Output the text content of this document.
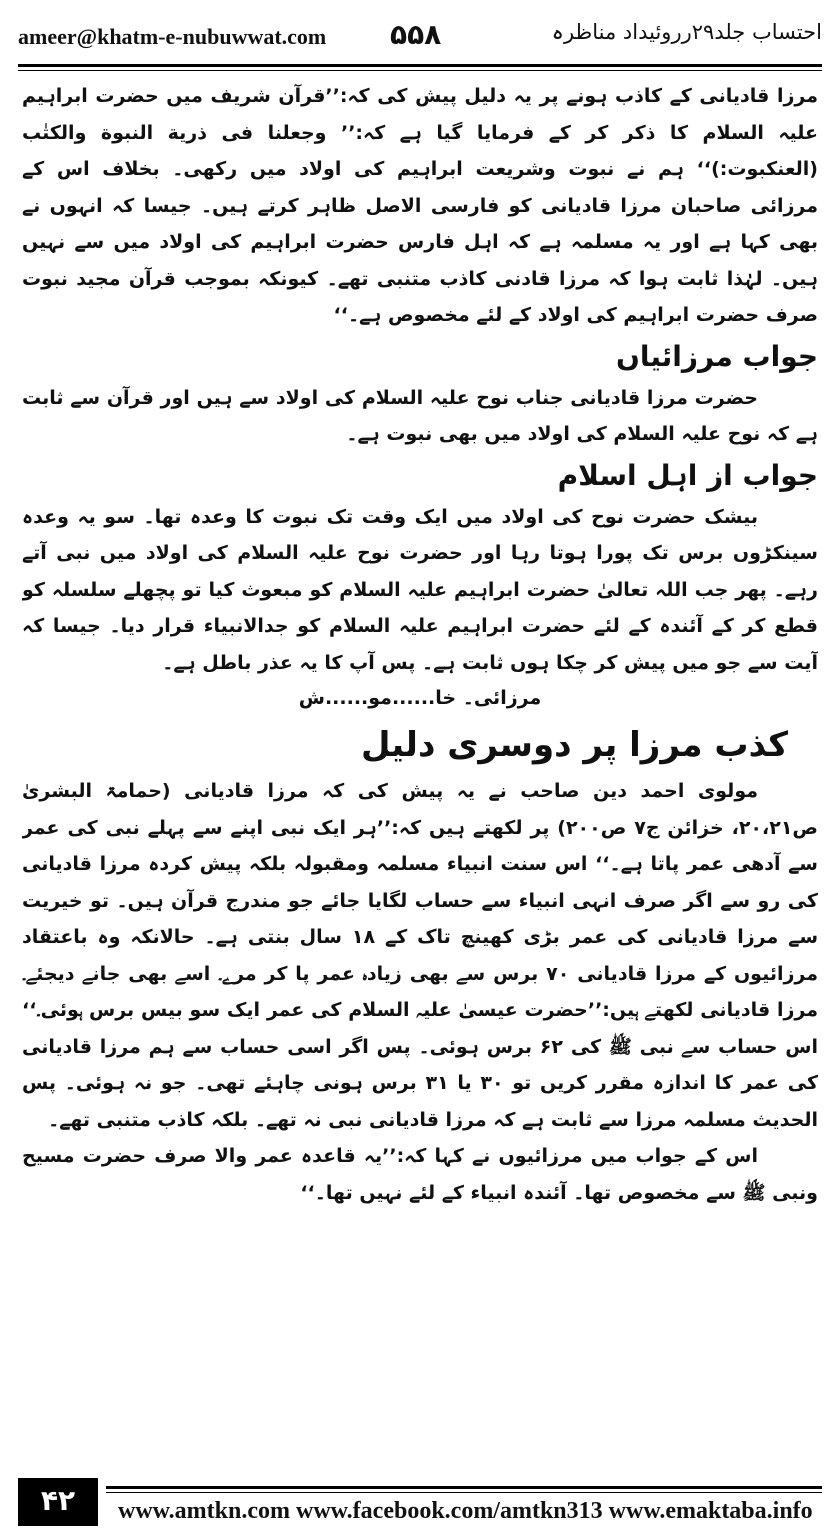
ameer@khatm-e-nubuwwat.com ۵۵۸	احتساب جلد۲۹رروئیداد مناظرہ

مرزا قادیانی کے کاذب ہونے پر یہ دلیل پیش کی کہ:’’قرآن شریف میں حضرت ابراہیم علیہ السلام کا ذکر کر کے فرمایا گیا ہے کہ:’’ وجعلنا فی ذریة النبوة والکتٰب (العنکبوت:)‘‘ ہم نے نبوت وشریعت ابراہیم کی اولاد میں رکھی۔ بخلاف اس کے مرزائی صاحبان مرزا قادیانی کو فارسی الاصل ظاہر کرتے ہیں۔ جیسا کہ انہوں نے بھی کہا ہے اور یہ مسلمہ ہے کہ اہل فارس حضرت ابراہیم کی اولاد میں سے نہیں ہیں۔ لہٰذا ثابت ہوا کہ مرزا قادنی کاذب متنبی تھے۔ کیونکہ بموجب قرآن مجید نبوت صرف حضرت ابراہیم کی اولاد کے لئے مخصوص ہے۔‘‘

جواب مرزائیاں

حضرت مرزا قادیانی جناب نوح علیہ السلام کی اولاد سے ہیں اور قرآن سے ثابت ہے کہ نوح علیہ السلام کی اولاد میں بھی نبوت ہے۔

جواب از اہل اسلام

بیشک حضرت نوح کی اولاد میں ایک وقت تک نبوت کا وعدہ تھا۔ سو یہ وعدہ سینکڑوں برس تک پورا ہوتا رہا اور حضرت نوح علیہ السلام کی اولاد میں نبی آتے رہے۔ پھر جب اللہ تعالیٰ حضرت ابراہیم علیہ السلام کو مبعوث کیا تو پچھلے سلسلہ کو قطع کر کے آئندہ کے لئے حضرت ابراہیم علیہ السلام کو جدالانبیاء قرار دیا۔ جیسا کہ آیت سے جو میں پیش کر چکا ہوں ثابت ہے۔ پس آپ کا یہ عذر باطل ہے۔

مرزائی۔ خا......مو......ش
کذب مرزا پر دوسری دلیل

مولوی احمد دین صاحب نے یہ پیش کی کہ مرزا قادیانی (حمامۃ البشریٰ ص۲۰،۲۱، خزائن ج۷ ص۲۰۰) پر لکھتے ہیں کہ:’’ہر ایک نبی اپنے سے پہلے نبی کی عمر سے آدھی عمر پاتا ہے۔‘‘ اس سنت انبیاء مسلمہ ومقبولہ بلکہ پیش کردہ مرزا قادیانی کی رو سے اگر صرف انہی انبیاء سے حساب لگایا جائے جو مندرج قرآن ہیں۔ تو خیریت سے مرزا قادیانی کی عمر بڑی کھینچ تاک کے ۱۸ سال بنتی ہے۔ حالانکہ وہ باعتقاد مرزائیوں کے مرزا قادیانی ۷۰ برس سے بھی زیادہ عمر پا کر مرے۔ اسے بھی جانے دیجئے۔ مرزا قادیانی لکھتے ہیں:’’حضرت عیسیٰ علیہ السلام کی عمر ایک سو بیس برس ہوئی۔‘‘ اس حساب سے نبی ﷺ کی ۶۲ برس ہوئی۔ پس اگر اسی حساب سے ہم مرزا قادیانی کی عمر کا اندازہ مقرر کریں تو ۳۰ یا ۳۱ برس ہونی چاہئے تھی۔ جو نہ ہوئی۔ پس الحدیث مسلمہ مرزا سے ثابت ہے کہ مرزا قادیانی نبی نہ تھے۔ بلکہ کاذب متنبی تھے۔

اس کے جواب میں مرزائیوں نے کہا کہ:’’یہ قاعدہ عمر والا صرف حضرت مسیح ونبی ﷺ سے مخصوص تھا۔ آئندہ انبیاء کے لئے نہیں تھا۔‘‘

۴۲	www.amtkn.com www.facebook.com/amtkn313 www.emaktaba.info
